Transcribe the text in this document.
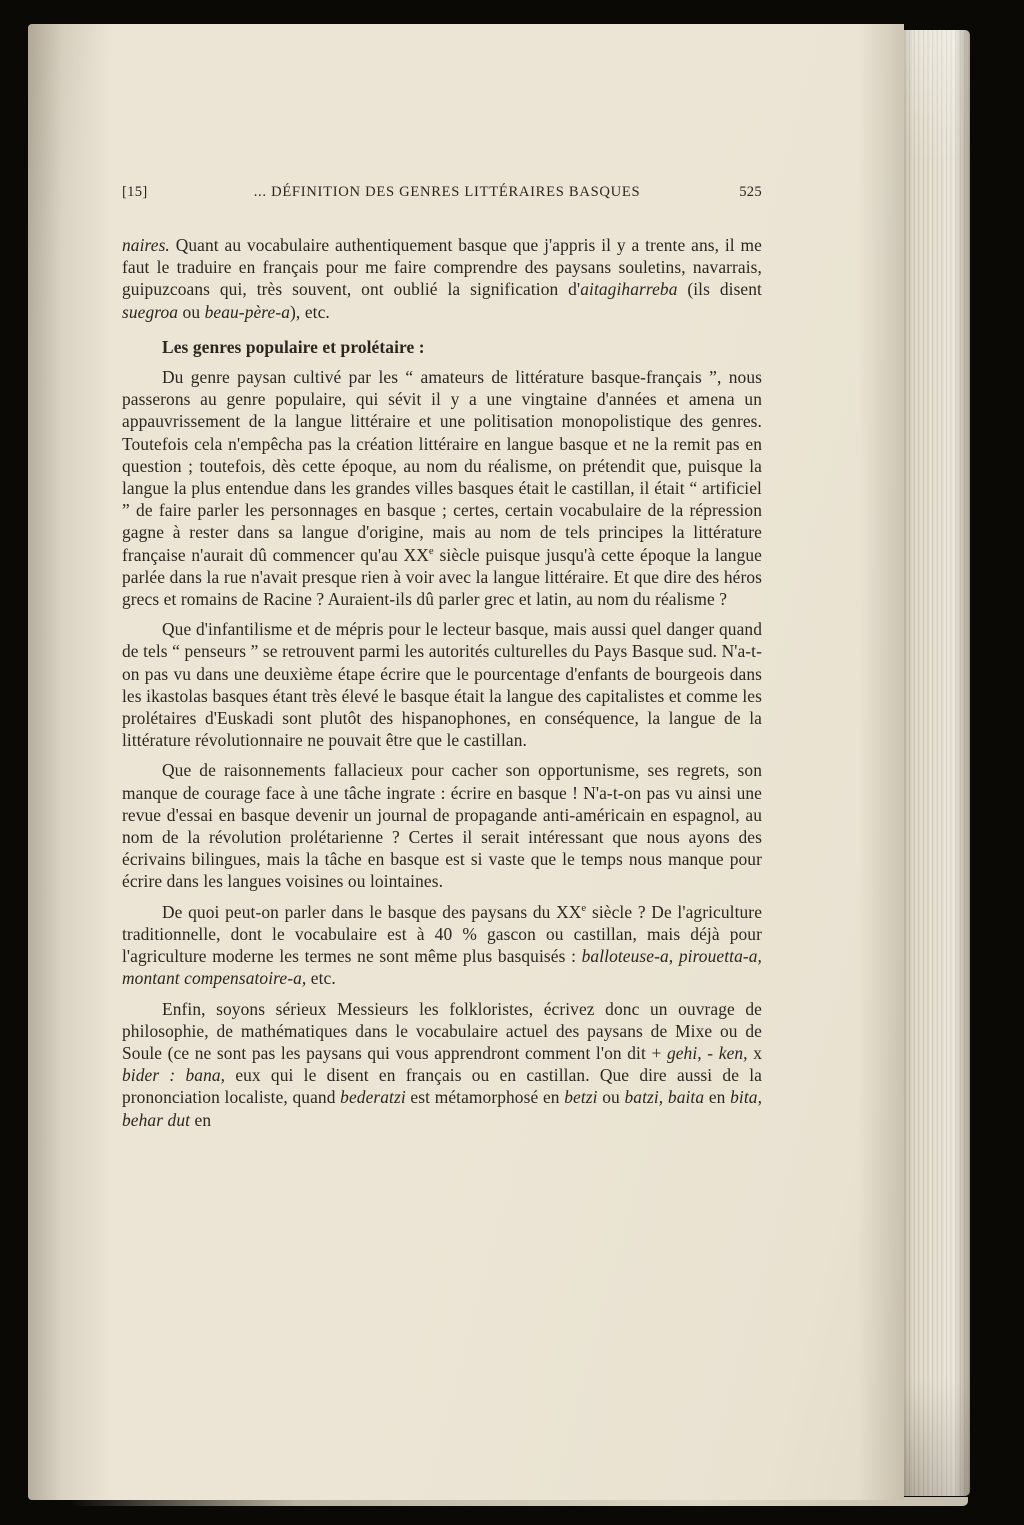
[15]	... DÉFINITION DES GENRES LITTÉRAIRES BASQUES	525

naires. Quant au vocabulaire authentiquement basque que j'appris il y a trente ans, il me faut le traduire en français pour me faire comprendre des paysans souletins, navarrais, guipuzcoans qui, très souvent, ont oublié la signification d'aitagiharreba (ils disent suegroa ou beau-père-a), etc.

Les genres populaire et prolétaire :

Du genre paysan cultivé par les “ amateurs de littérature basque-français ”, nous passerons au genre populaire, qui sévit il y a une vingtaine d'années et amena un appauvrissement de la langue littéraire et une politisation monopolistique des genres. Toutefois cela n'empêcha pas la création littéraire en langue basque et ne la remit pas en question ; toutefois, dès cette époque, au nom du réalisme, on prétendit que, puisque la langue la plus entendue dans les grandes villes basques était le castillan, il était “ artificiel ” de faire parler les personnages en basque ; certes, certain vocabulaire de la répression gagne à rester dans sa langue d'origine, mais au nom de tels principes la littérature française n'aurait dû commencer qu'au XXe siècle puisque jusqu'à cette époque la langue parlée dans la rue n'avait presque rien à voir avec la langue littéraire. Et que dire des héros grecs et romains de Racine ? Auraient-ils dû parler grec et latin, au nom du réalisme ?

Que d'infantilisme et de mépris pour le lecteur basque, mais aussi quel danger quand de tels “ penseurs ” se retrouvent parmi les autorités culturelles du Pays Basque sud. N'a-t-on pas vu dans une deuxième étape écrire que le pourcentage d'enfants de bourgeois dans les ikastolas basques étant très élevé le basque était la langue des capitalistes et comme les prolétaires d'Euskadi sont plutôt des hispanophones, en conséquence, la langue de la littérature révolutionnaire ne pouvait être que le castillan.

Que de raisonnements fallacieux pour cacher son opportunisme, ses regrets, son manque de courage face à une tâche ingrate : écrire en basque ! N'a-t-on pas vu ainsi une revue d'essai en basque devenir un journal de propagande anti-américain en espagnol, au nom de la révolution prolétarienne ? Certes il serait intéressant que nous ayons des écrivains bilingues, mais la tâche en basque est si vaste que le temps nous manque pour écrire dans les langues voisines ou lointaines.

De quoi peut-on parler dans le basque des paysans du XXe siècle ? De l'agriculture traditionnelle, dont le vocabulaire est à 40 % gascon ou castillan, mais déjà pour l'agriculture moderne les termes ne sont même plus basquisés : balloteuse-a, pirouetta-a, montant compensatoire-a, etc.

Enfin, soyons sérieux Messieurs les folkloristes, écrivez donc un ouvrage de philosophie, de mathématiques dans le vocabulaire actuel des paysans de Mixe ou de Soule (ce ne sont pas les paysans qui vous apprendront comment l'on dit + gehi, - ken, x bider : bana, eux qui le disent en français ou en castillan. Que dire aussi de la prononciation localiste, quand bederatzi est métamorphosé en betzi ou batzi, baita en bita, behar dut en
